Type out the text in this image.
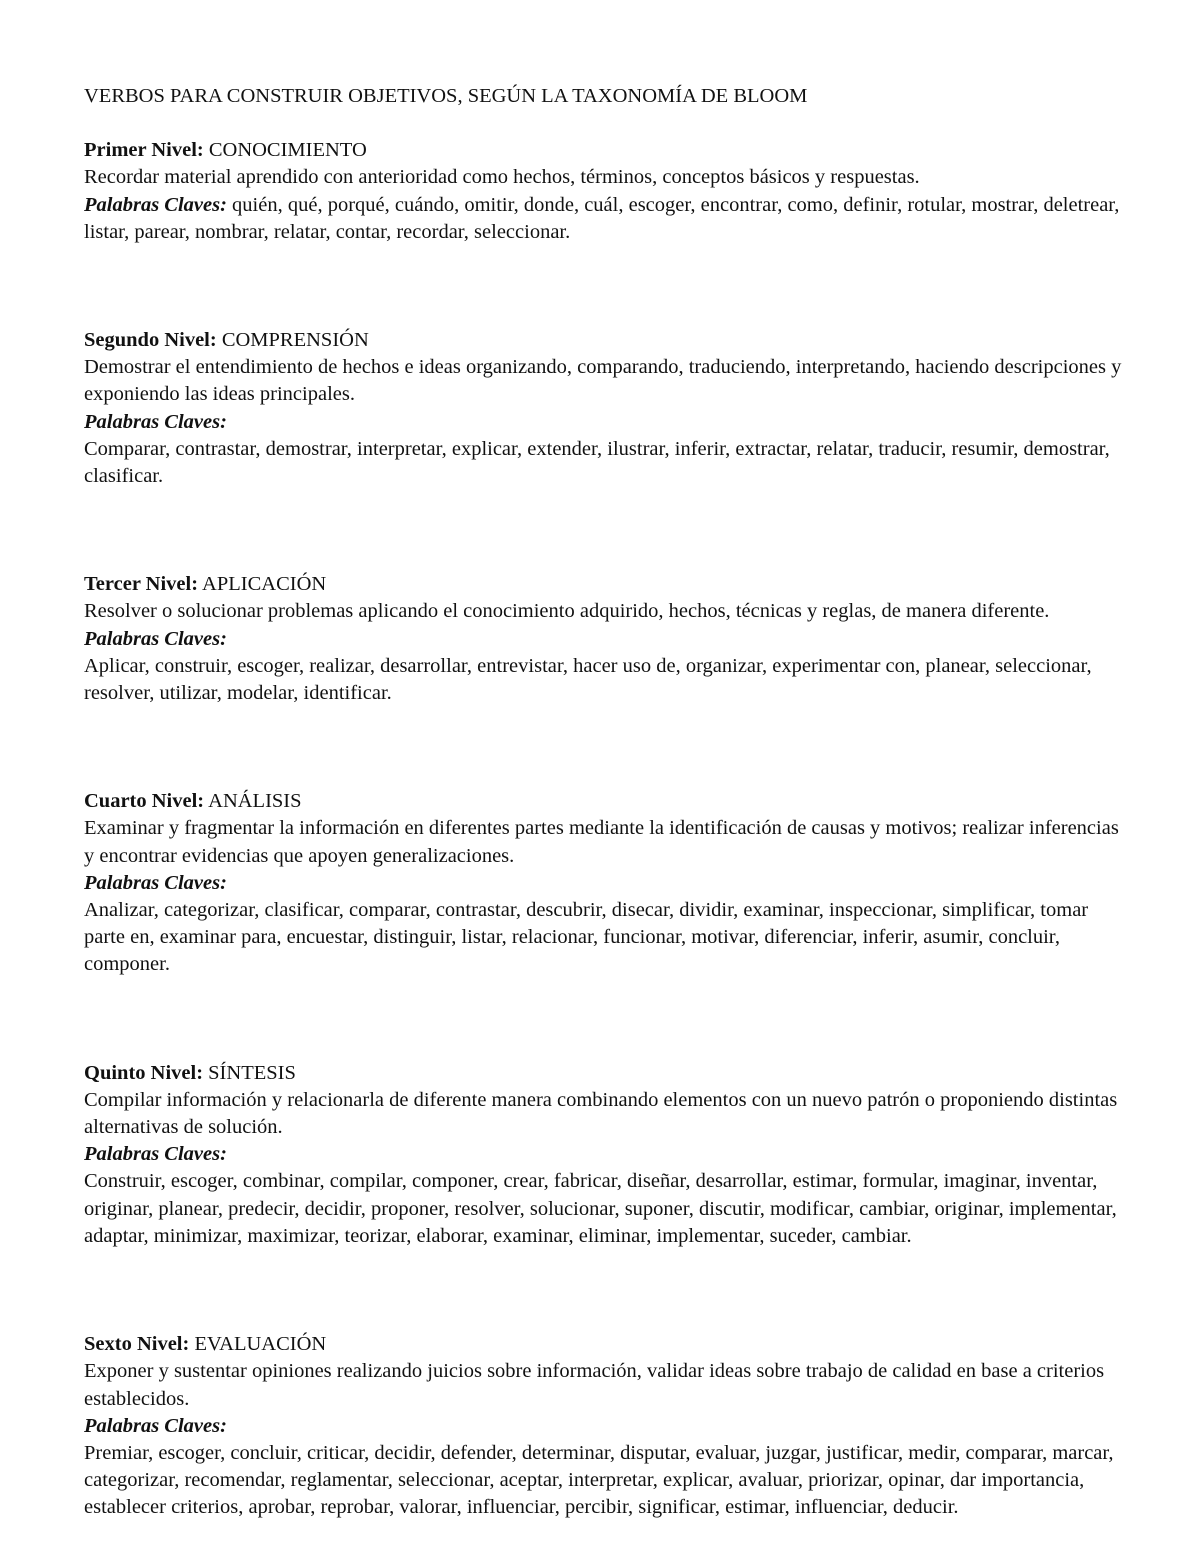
VERBOS PARA CONSTRUIR OBJETIVOS, SEGÚN LA TAXONOMÍA DE BLOOM
Primer Nivel: CONOCIMIENTO

Recordar material aprendido con anterioridad como hechos, términos, conceptos básicos y respuestas.

Palabras Claves: quién, qué, porqué, cuándo, omitir, donde, cuál, escoger, encontrar, como, definir, rotular, mostrar, deletrear, listar, parear, nombrar, relatar, contar, recordar, seleccionar.

Segundo Nivel: COMPRENSIÓN

Demostrar el entendimiento de hechos e ideas organizando, comparando, traduciendo, interpretando, haciendo descripciones y exponiendo las ideas principales.

Palabras Claves:

Comparar, contrastar, demostrar, interpretar, explicar, extender, ilustrar, inferir, extractar, relatar, traducir, resumir, demostrar, clasificar.

Tercer Nivel: APLICACIÓN

Resolver o solucionar problemas aplicando el conocimiento adquirido, hechos, técnicas y reglas, de manera diferente.

Palabras Claves:

Aplicar, construir, escoger, realizar, desarrollar, entrevistar, hacer uso de, organizar, experimentar con, planear, seleccionar, resolver, utilizar, modelar, identificar.

Cuarto Nivel: ANÁLISIS

Examinar y fragmentar la información en diferentes partes mediante la identificación de causas y motivos; realizar inferencias y encontrar evidencias que apoyen generalizaciones.

Palabras Claves:

Analizar, categorizar, clasificar, comparar, contrastar, descubrir, disecar, dividir, examinar, inspeccionar, simplificar, tomar parte en, examinar para, encuestar, distinguir, listar, relacionar, funcionar, motivar, diferenciar, inferir, asumir, concluir, componer.

Quinto Nivel: SÍNTESIS

Compilar información y relacionarla de diferente manera combinando elementos con un nuevo patrón o proponiendo distintas alternativas de solución.

Palabras Claves:

Construir, escoger, combinar, compilar, componer, crear, fabricar, diseñar, desarrollar, estimar, formular, imaginar, inventar, originar, planear, predecir, decidir, proponer, resolver, solucionar, suponer, discutir, modificar, cambiar, originar, implementar, adaptar, minimizar, maximizar, teorizar, elaborar, examinar, eliminar, implementar, suceder, cambiar.

Sexto Nivel: EVALUACIÓN

Exponer y sustentar opiniones realizando juicios sobre información, validar ideas sobre trabajo de calidad en base a criterios establecidos.

Palabras Claves:

Premiar, escoger, concluir, criticar, decidir, defender, determinar, disputar, evaluar, juzgar, justificar, medir, comparar, marcar, categorizar, recomendar, reglamentar, seleccionar, aceptar, interpretar, explicar, avaluar, priorizar, opinar, dar importancia, establecer criterios, aprobar, reprobar, valorar, influenciar, percibir, significar, estimar, influenciar, deducir.
